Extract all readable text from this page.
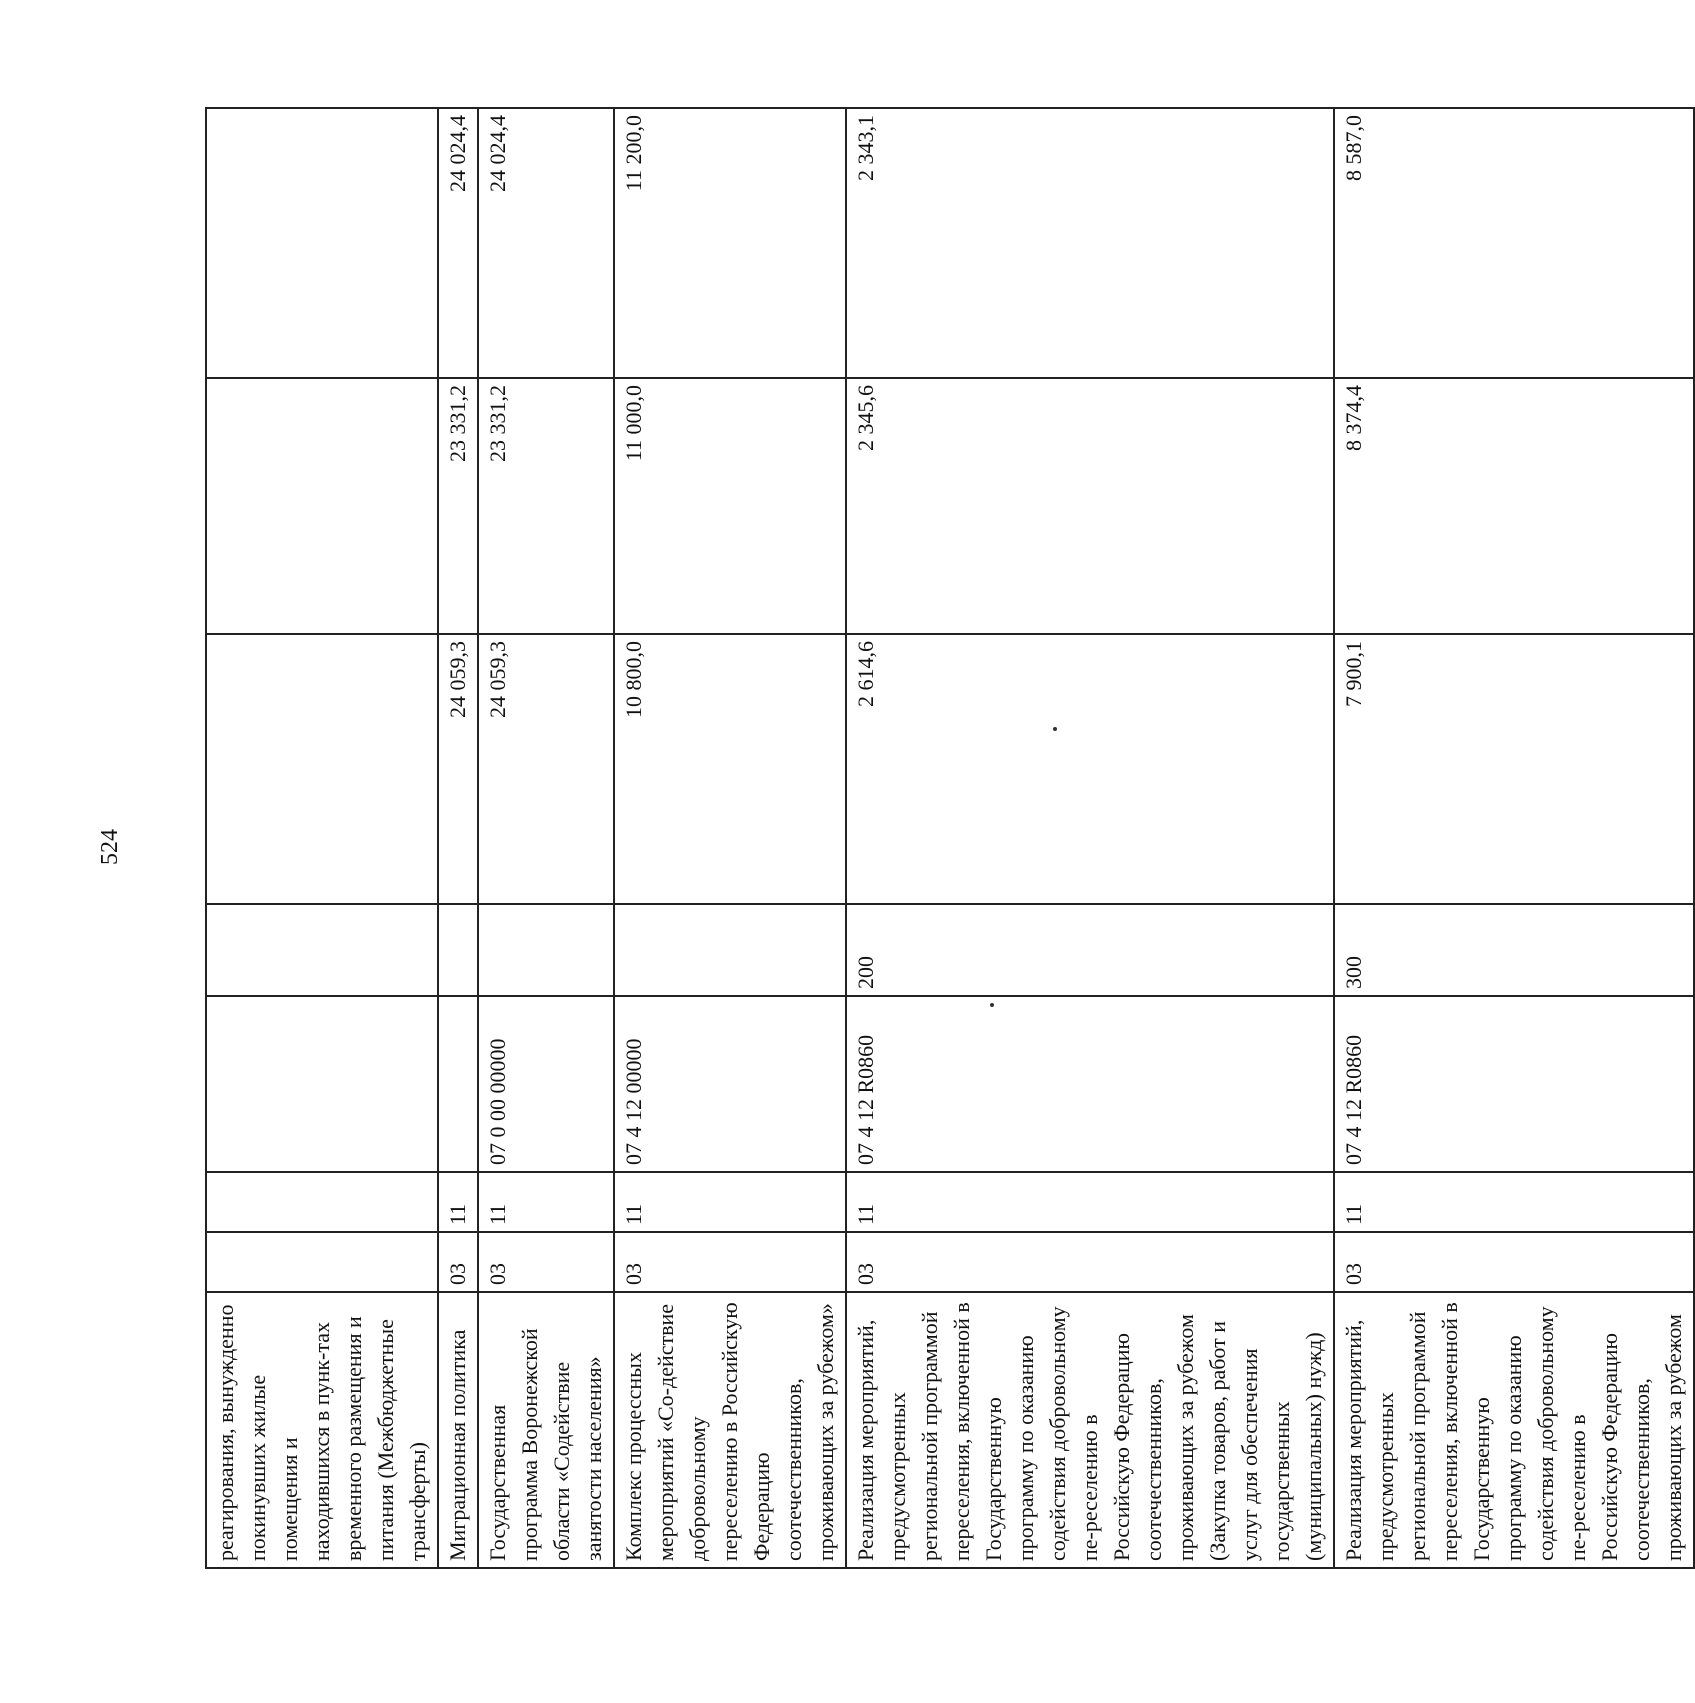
524
реагирования, вынужденно покинувших жилые помещения и находившихся в пунк-тах временного размещения и питания (Межбюджетные трансферты)							
Миграционная политика	03	11			24 059,3	23 331,2	24 024,4
Государственная программа Воронежской области «Содействие занятости населения»	03	11	07 0 00 00000		24 059,3	23 331,2	24 024,4
Комплекс процессных мероприятий «Со-действие добровольному переселению в Российскую Федерацию соотечественников, проживающих за рубежом»	03	11	07 4 12 00000		10 800,0	11 000,0	11 200,0
Реализация мероприятий, предусмотренных региональной программой переселения, включенной в Государственную программу по оказанию содействия добровольному пе-реселению в Российскую Федерацию соотечественников, проживающих за рубежом (Закупка товаров, работ и услуг для обеспечения государственных (муниципальных) нужд)	03	11	07 4 12 R0860	200	2 614,6	2 345,6	2 343,1
Реализация мероприятий, предусмотренных региональной программой переселения, включенной в Государственную программу по оказанию содействия добровольному пе-реселению в Российскую Федерацию соотечественников, проживающих за рубежом	03	11	07 4 12 R0860	300	7 900,1	8 374,4	8 587,0
